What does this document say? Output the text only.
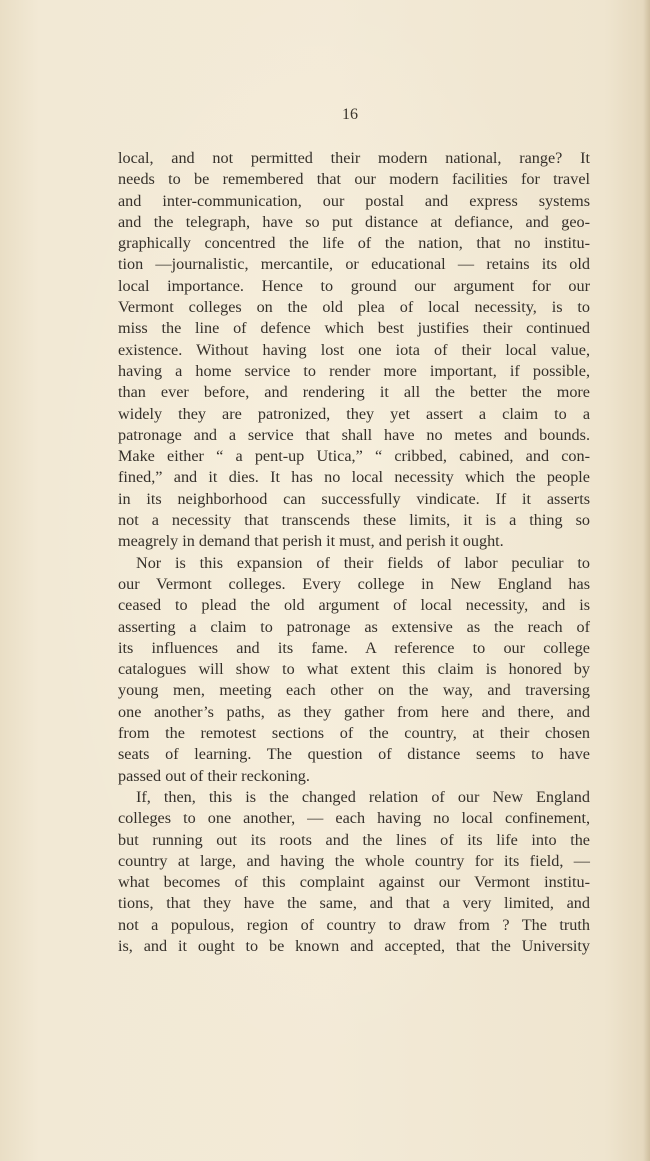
16
local, and not permitted their modern national, range? It
needs to be remembered that our modern facilities for travel
and inter-communication, our postal and express systems
and the telegraph, have so put distance at defiance, and geo-
graphically concentred the life of the nation, that no institu-
tion —journalistic, mercantile, or educational — retains its old
local importance. Hence to ground our argument for our
Vermont colleges on the old plea of local necessity, is to
miss the line of defence which best justifies their continued
existence. Without having lost one iota of their local value,
having a home service to render more important, if possible,
than ever before, and rendering it all the better the more
widely they are patronized, they yet assert a claim to a
patronage and a service that shall have no metes and bounds.
Make either “ a pent-up Utica,” “ cribbed, cabined, and con-
fined,” and it dies. It has no local necessity which the people
in its neighborhood can successfully vindicate. If it asserts
not a necessity that transcends these limits, it is a thing so
meagrely in demand that perish it must, and perish it ought.
Nor is this expansion of their fields of labor peculiar to
our Vermont colleges. Every college in New England has
ceased to plead the old argument of local necessity, and is
asserting a claim to patronage as extensive as the reach of
its influences and its fame. A reference to our college
catalogues will show to what extent this claim is honored by
young men, meeting each other on the way, and traversing
one another’s paths, as they gather from here and there, and
from the remotest sections of the country, at their chosen
seats of learning. The question of distance seems to have
passed out of their reckoning.
If, then, this is the changed relation of our New England
colleges to one another, — each having no local confinement,
but running out its roots and the lines of its life into the
country at large, and having the whole country for its field, —
what becomes of this complaint against our Vermont institu-
tions, that they have the same, and that a very limited, and
not a populous, region of country to draw from ? The truth
is, and it ought to be known and accepted, that the University
